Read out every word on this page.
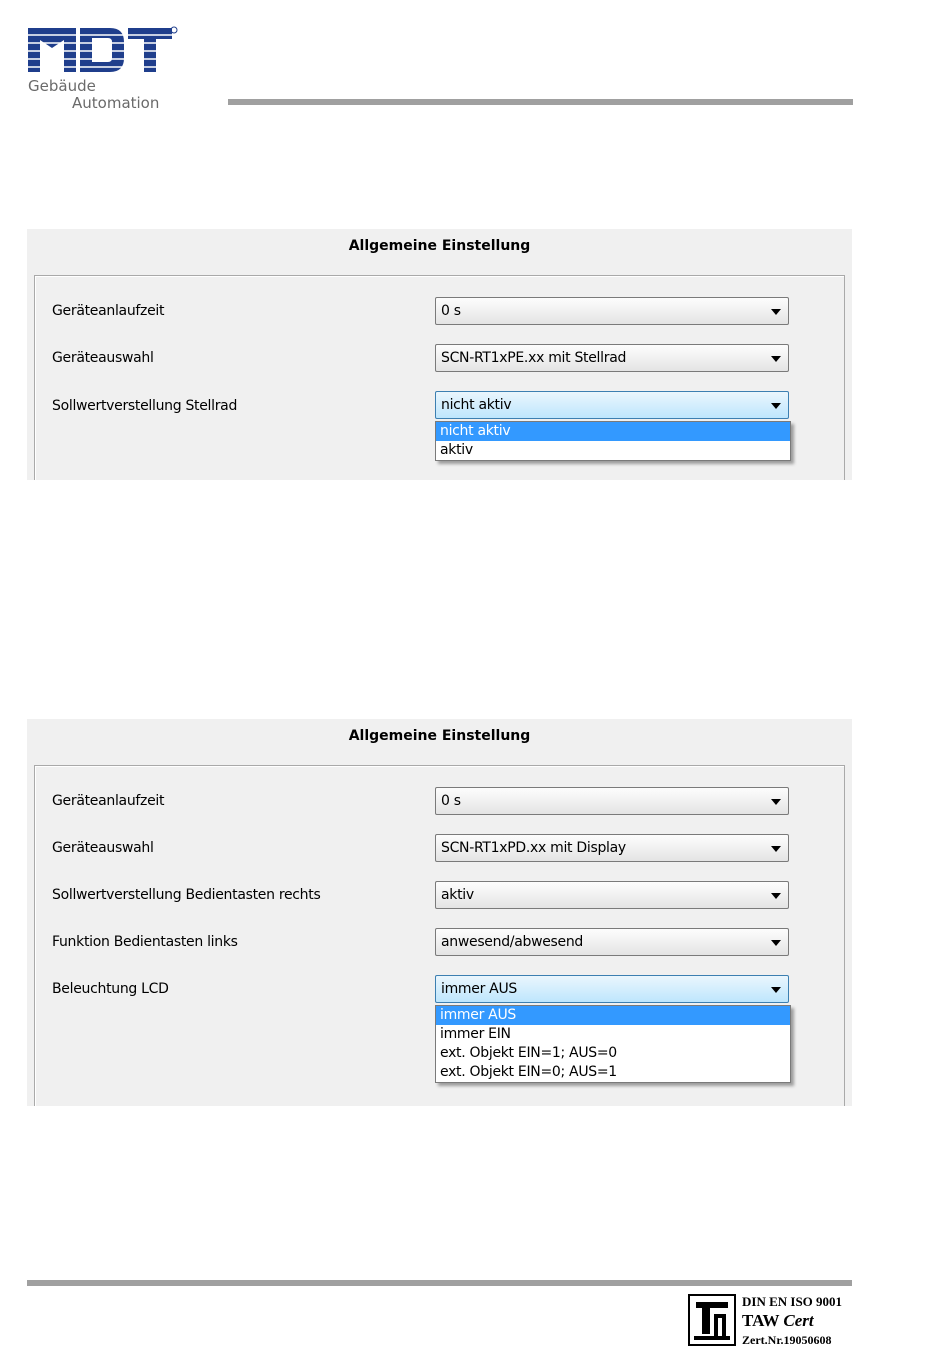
Gebäude
Automation
Allgemeine Einstellung
Geräteanlaufzeit	0 s
Geräteauswahl	SCN-RT1xPE.xx mit Stellrad
Sollwertverstellung Stellrad	nicht aktiv
nicht aktiv
aktiv
Allgemeine Einstellung
Geräteanlaufzeit	0 s
Geräteauswahl	SCN-RT1xPD.xx mit Display
Sollwertverstellung Bedientasten rechts	aktiv
Funktion Bedientasten links	anwesend/abwesend
Beleuchtung LCD	immer AUS
immer AUS
immer EIN
ext. Objekt EIN=1; AUS=0
ext. Objekt EIN=0; AUS=1
DIN EN ISO 9001
TAW Cert
Zert.Nr.19050608
